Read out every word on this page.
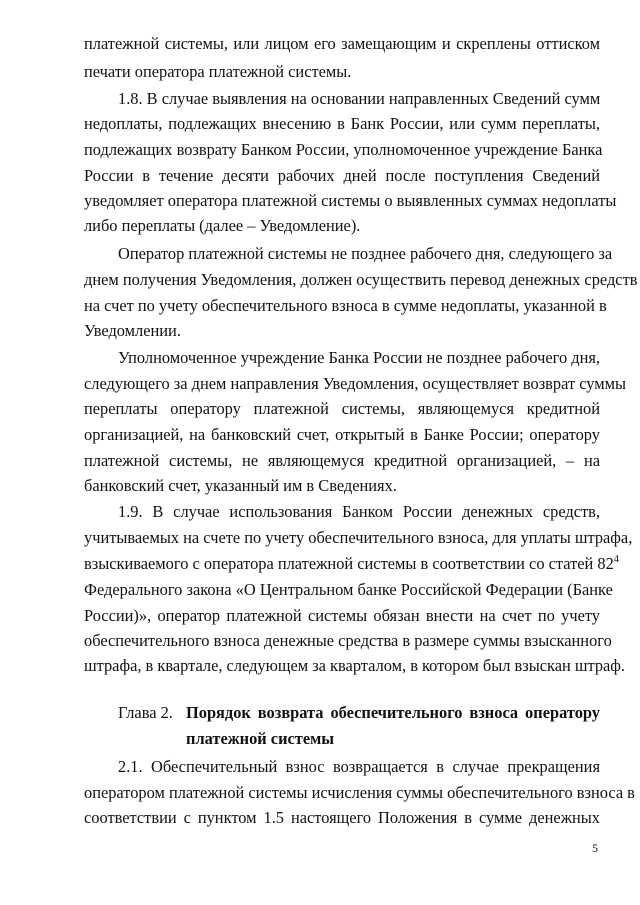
платежной системы, или лицом его замещающим и скреплены оттиском
печати оператора платежной системы.
1.8. В случае выявления на основании направленных Сведений сумм
недоплаты, подлежащих внесению в Банк России, или сумм переплаты,
подлежащих возврату Банком России, уполномоченное учреждение Банка
России в течение десяти рабочих дней после поступления Сведений
уведомляет оператора платежной системы о выявленных суммах недоплаты
либо переплаты (далее – Уведомление).
Оператор платежной системы не позднее рабочего дня, следующего за
днем получения Уведомления, должен осуществить перевод денежных средств
на счет по учету обеспечительного взноса в сумме недоплаты, указанной в
Уведомлении.
Уполномоченное учреждение Банка России не позднее рабочего дня,
следующего за днем направления Уведомления, осуществляет возврат суммы
переплаты оператору платежной системы, являющемуся кредитной
организацией, на банковский счет, открытый в Банке России; оператору
платежной системы, не являющемуся кредитной организацией, – на
банковский счет, указанный им в Сведениях.
1.9. В случае использования Банком России денежных средств,
учитываемых на счете по учету обеспечительного взноса, для уплаты штрафа,
взыскиваемого с оператора платежной системы в соответствии со статей $82^4$
Федерального закона «О Центральном банке Российской Федерации (Банке
России)», оператор платежной системы обязан внести на счет по учету
обеспечительного взноса денежные средства в размере суммы взысканного
штрафа, в квартале, следующем за кварталом, в котором был взыскан штраф.
Глава 2. Порядок возврата обеспечительного взноса оператору
платежной системы
2.1. Обеспечительный взнос возвращается в случае прекращения
оператором платежной системы исчисления суммы обеспечительного взноса в
соответствии с пунктом 1.5 настоящего Положения в сумме денежных
5
